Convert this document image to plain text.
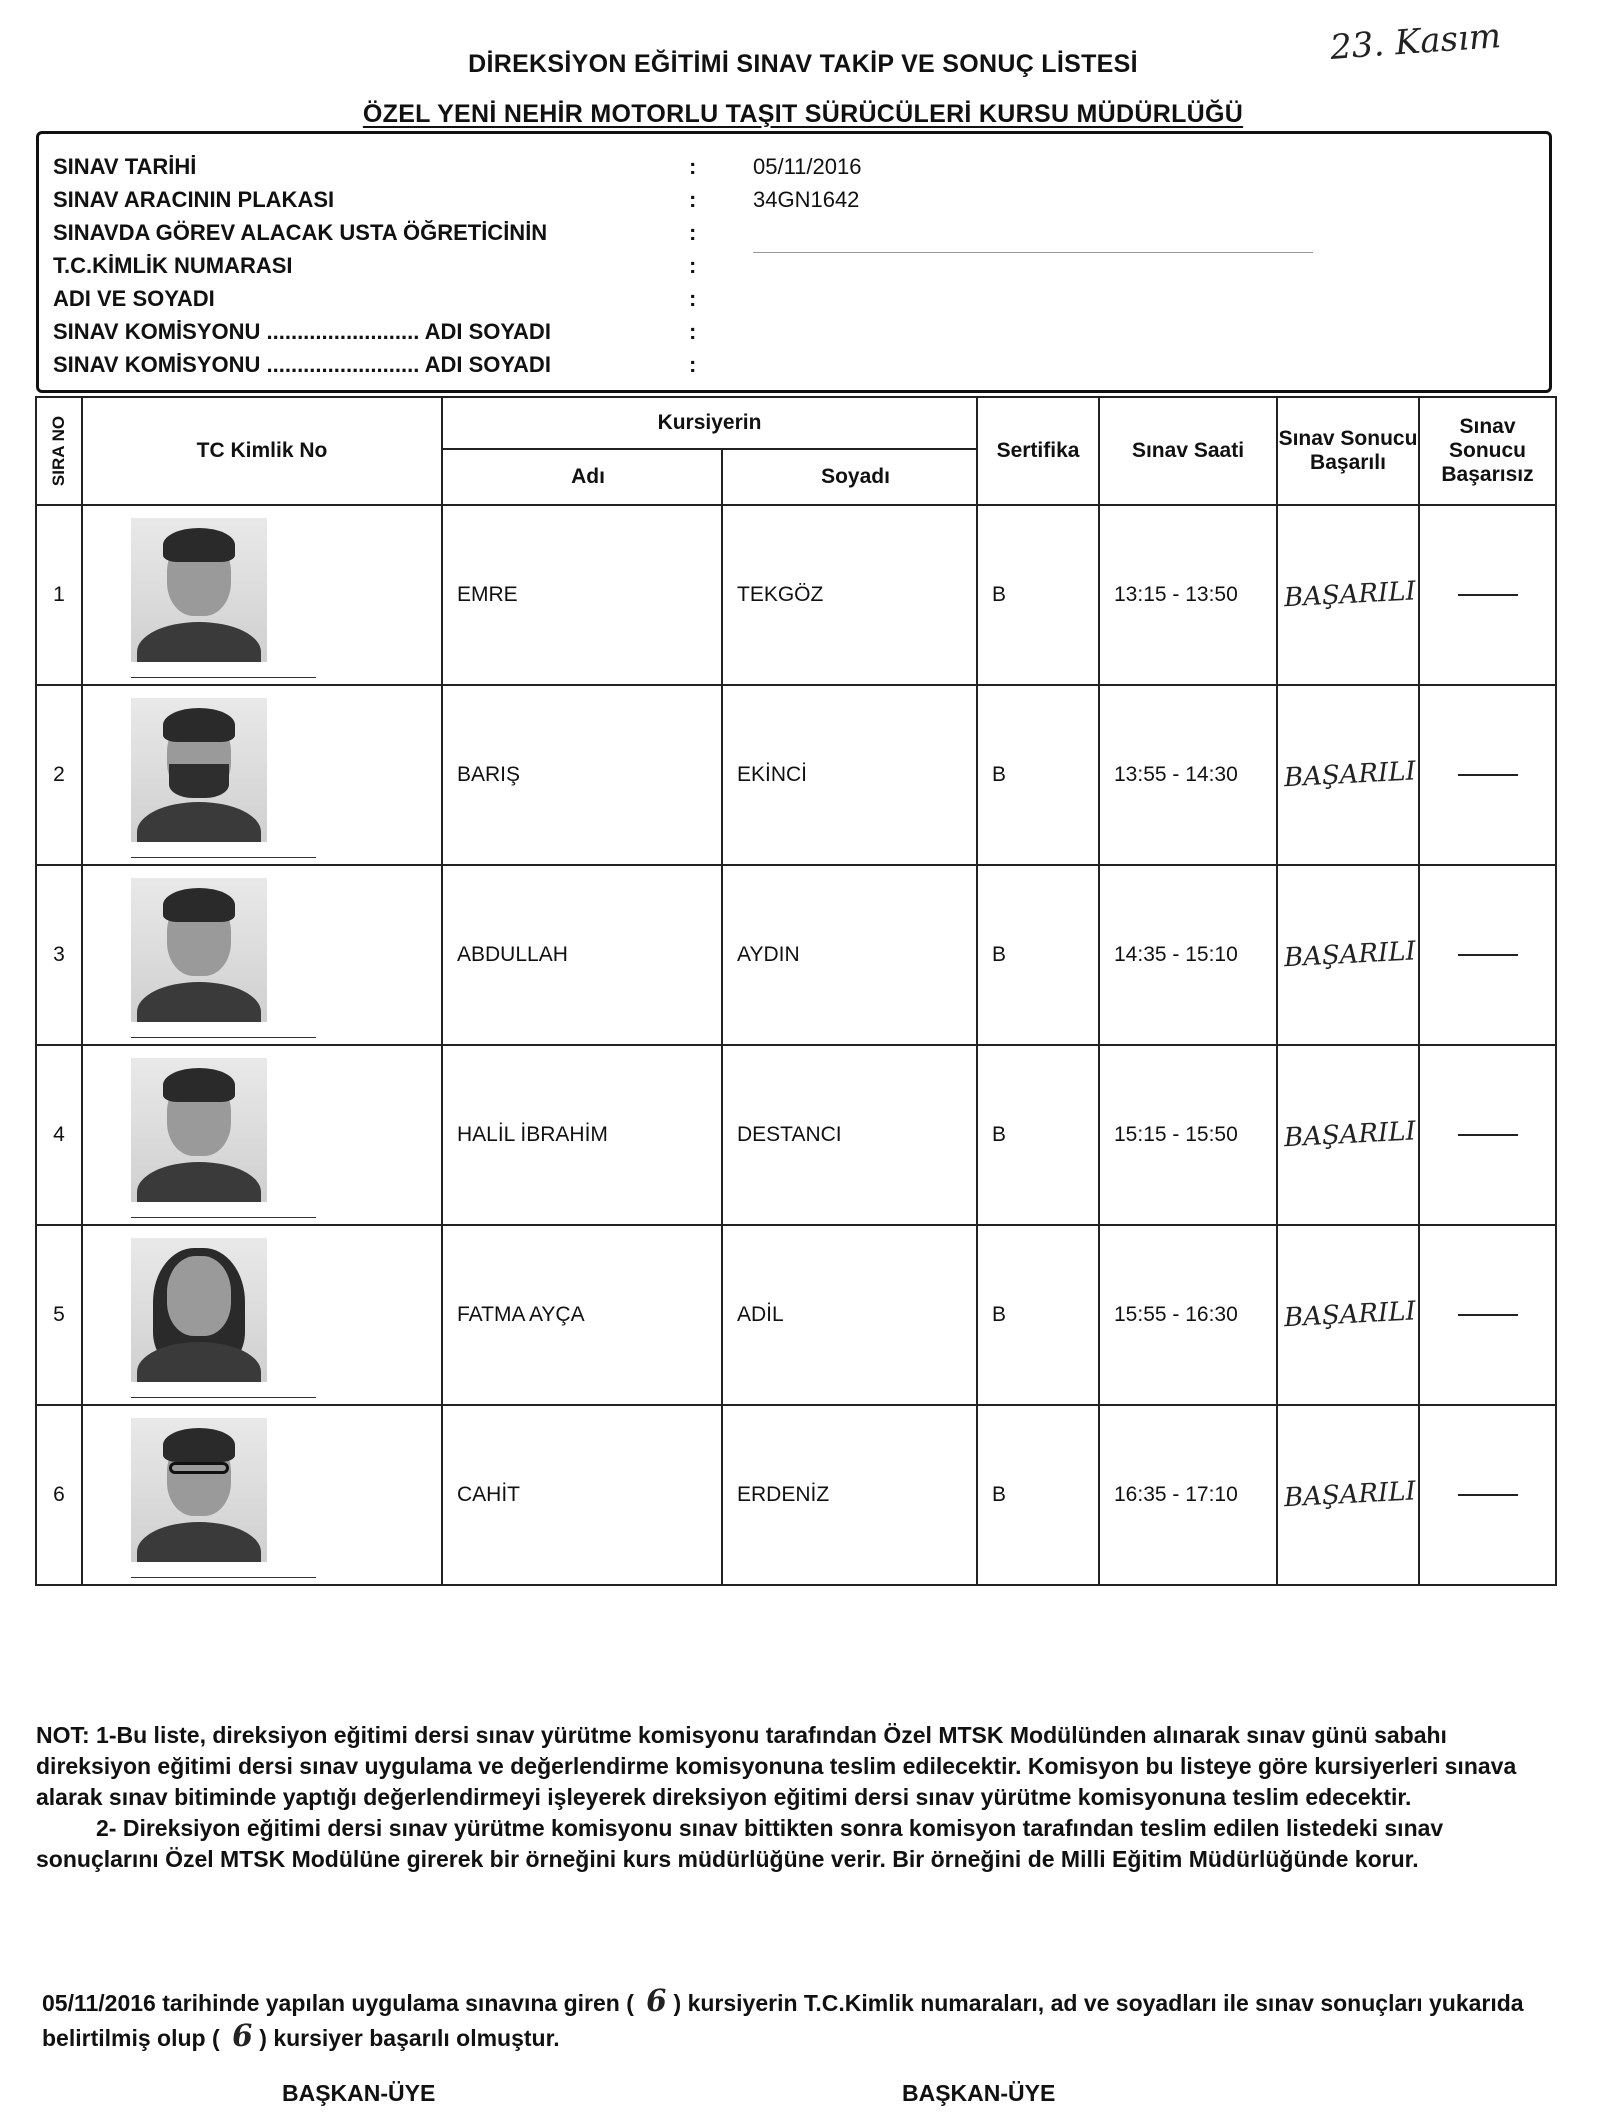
DİREKSİYON EĞİTİMİ SINAV TAKİP VE SONUÇ LİSTESİ
ÖZEL YENİ NEHİR MOTORLU TAŞIT SÜRÜCÜLERİ KURSU MÜDÜRLÜĞÜ
23. Kasım
SINAV TARİHİ	:	05/11/2016
SINAV ARACININ PLAKASI	:	34GN1642
SINAVDA GÖREV ALACAK USTA ÖĞRETİCİNİN	:
T.C.KİMLİK NUMARASI	:
ADI VE SOYADI	:
SINAV KOMİSYONU ......................... ADI SOYADI	:
SINAV KOMİSYONU ......................... ADI SOYADI	:
SIRA NO	TC Kimlik No	Kursiyerin		Sertifika	Sınav Saati	Sınav Sonucu Başarılı	Sınav Sonucu Başarısız
		Adı	Soyadı				
1		EMRE	TEKGÖZ	B	13:15 - 13:50	BAŞARILI	

2		BARIŞ	EKİNCİ	B	13:55 - 14:30	BAŞARILI	

3		ABDULLAH	AYDIN	B	14:35 - 15:10	BAŞARILI	

4		HALİL İBRAHİM	DESTANCI	B	15:15 - 15:50	BAŞARILI	

5		FATMA AYÇA	ADİL	B	15:55 - 16:30	BAŞARILI	

6		CAHİT	ERDENİZ	B	16:35 - 17:10	BAŞARILI	

NOT: 1-Bu liste, direksiyon eğitimi dersi sınav yürütme komisyonu tarafından Özel MTSK Modülünden alınarak sınav günü sabahı direksiyon eğitimi dersi sınav uygulama ve değerlendirme komisyonuna teslim edilecektir. Komisyon bu listeye göre kursiyerleri sınava alarak sınav bitiminde yaptığı değerlendirmeyi işleyerek direksiyon eğitimi dersi sınav yürütme komisyonuna teslim edecektir.

2- Direksiyon eğitimi dersi sınav yürütme komisyonu sınav bittikten sonra komisyon tarafından teslim edilen listedeki sınav sonuçlarını Özel MTSK Modülüne girerek bir örneğini kurs müdürlüğüne verir. Bir örneğini de Milli Eğitim Müdürlüğünde korur.

05/11/2016 tarihinde yapılan uygulama sınavına giren ( 6 ) kursiyerin T.C.Kimlik numaraları, ad ve soyadları ile sınav sonuçları yukarıda belirtilmiş olup ( 6 ) kursiyer başarılı olmuştur.
BAŞKAN-ÜYE	BAŞKAN-ÜYE
